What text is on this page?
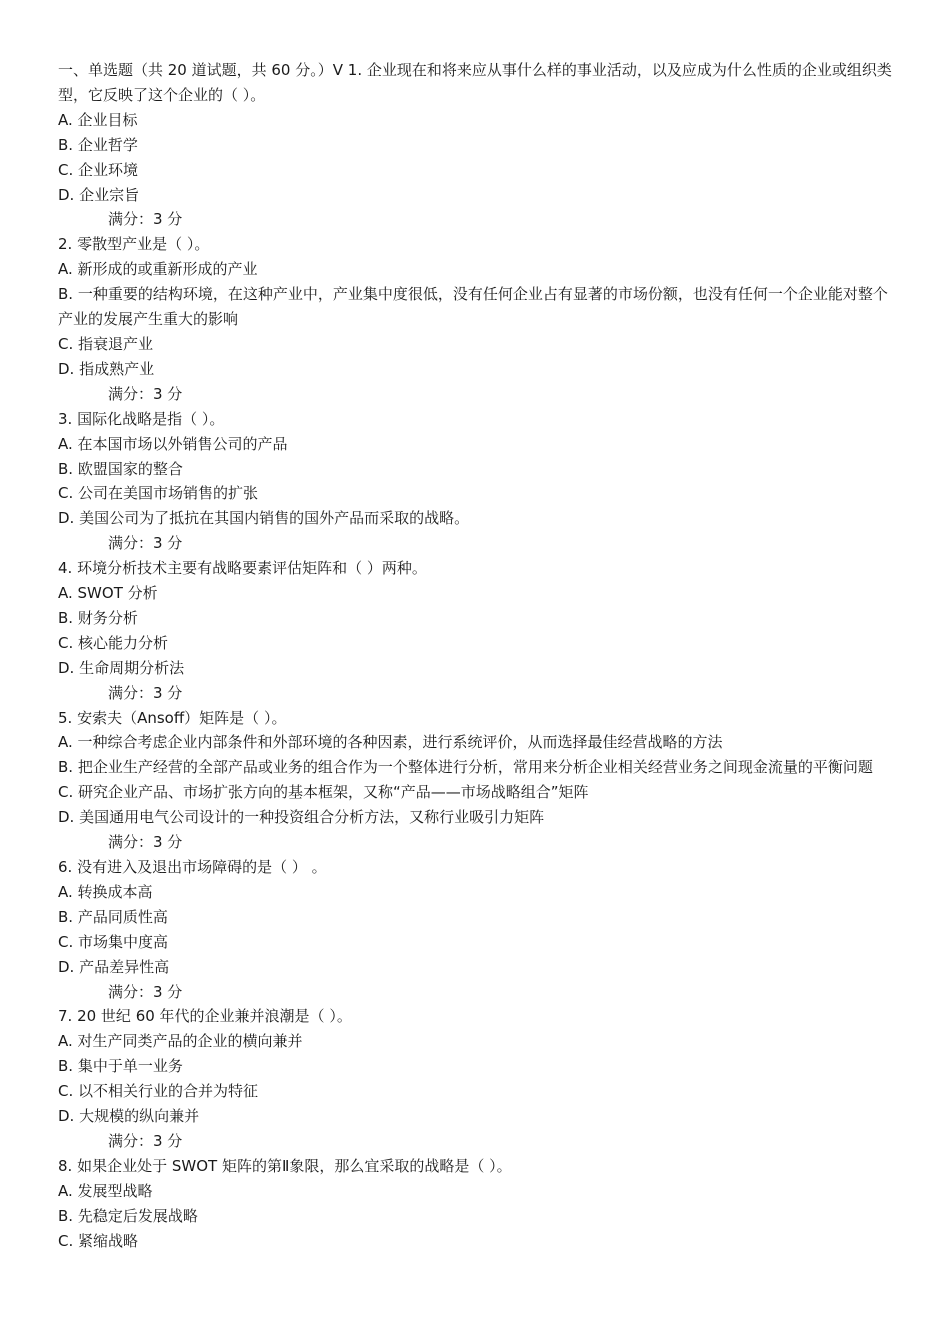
一、单选题（共 20 道试题，共 60 分。）V 1. 企业现在和将来应从事什么样的事业活动，以及应成为什么性质的企业或组织类型，它反映了这个企业的（ ）。
A. 企业目标
B. 企业哲学
C. 企业环境
D. 企业宗旨
满分：3 分
2. 零散型产业是（ ）。
A. 新形成的或重新形成的产业
B. 一种重要的结构环境，在这种产业中，产业集中度很低，没有任何企业占有显著的市场份额，也没有任何一个企业能对整个产业的发展产生重大的影响
C. 指衰退产业
D. 指成熟产业
满分：3 分
3. 国际化战略是指（ ）。
A. 在本国市场以外销售公司的产品
B. 欧盟国家的整合
C. 公司在美国市场销售的扩张
D. 美国公司为了抵抗在其国内销售的国外产品而采取的战略。
满分：3 分
4. 环境分析技术主要有战略要素评估矩阵和（ ）两种。
A. SWOT 分析
B. 财务分析
C. 核心能力分析
D. 生命周期分析法
满分：3 分
5. 安索夫（Ansoff）矩阵是（ ）。
A. 一种综合考虑企业内部条件和外部环境的各种因素，进行系统评价，从而选择最佳经营战略的方法
B. 把企业生产经营的全部产品或业务的组合作为一个整体进行分析，常用来分析企业相关经营业务之间现金流量的平衡问题
C. 研究企业产品、市场扩张方向的基本框架，又称“产品——市场战略组合”矩阵
D. 美国通用电气公司设计的一种投资组合分析方法，又称行业吸引力矩阵
满分：3 分
6. 没有进入及退出市场障碍的是（ ） 。
A. 转换成本高
B. 产品同质性高
C. 市场集中度高
D. 产品差异性高
满分：3 分
7. 20 世纪 60 年代的企业兼并浪潮是（ ）。
A. 对生产同类产品的企业的横向兼并
B. 集中于单一业务
C. 以不相关行业的合并为特征
D. 大规模的纵向兼并
满分：3 分
8. 如果企业处于 SWOT 矩阵的第Ⅱ象限，那么宜采取的战略是（ ）。
A. 发展型战略
B. 先稳定后发展战略
C. 紧缩战略
